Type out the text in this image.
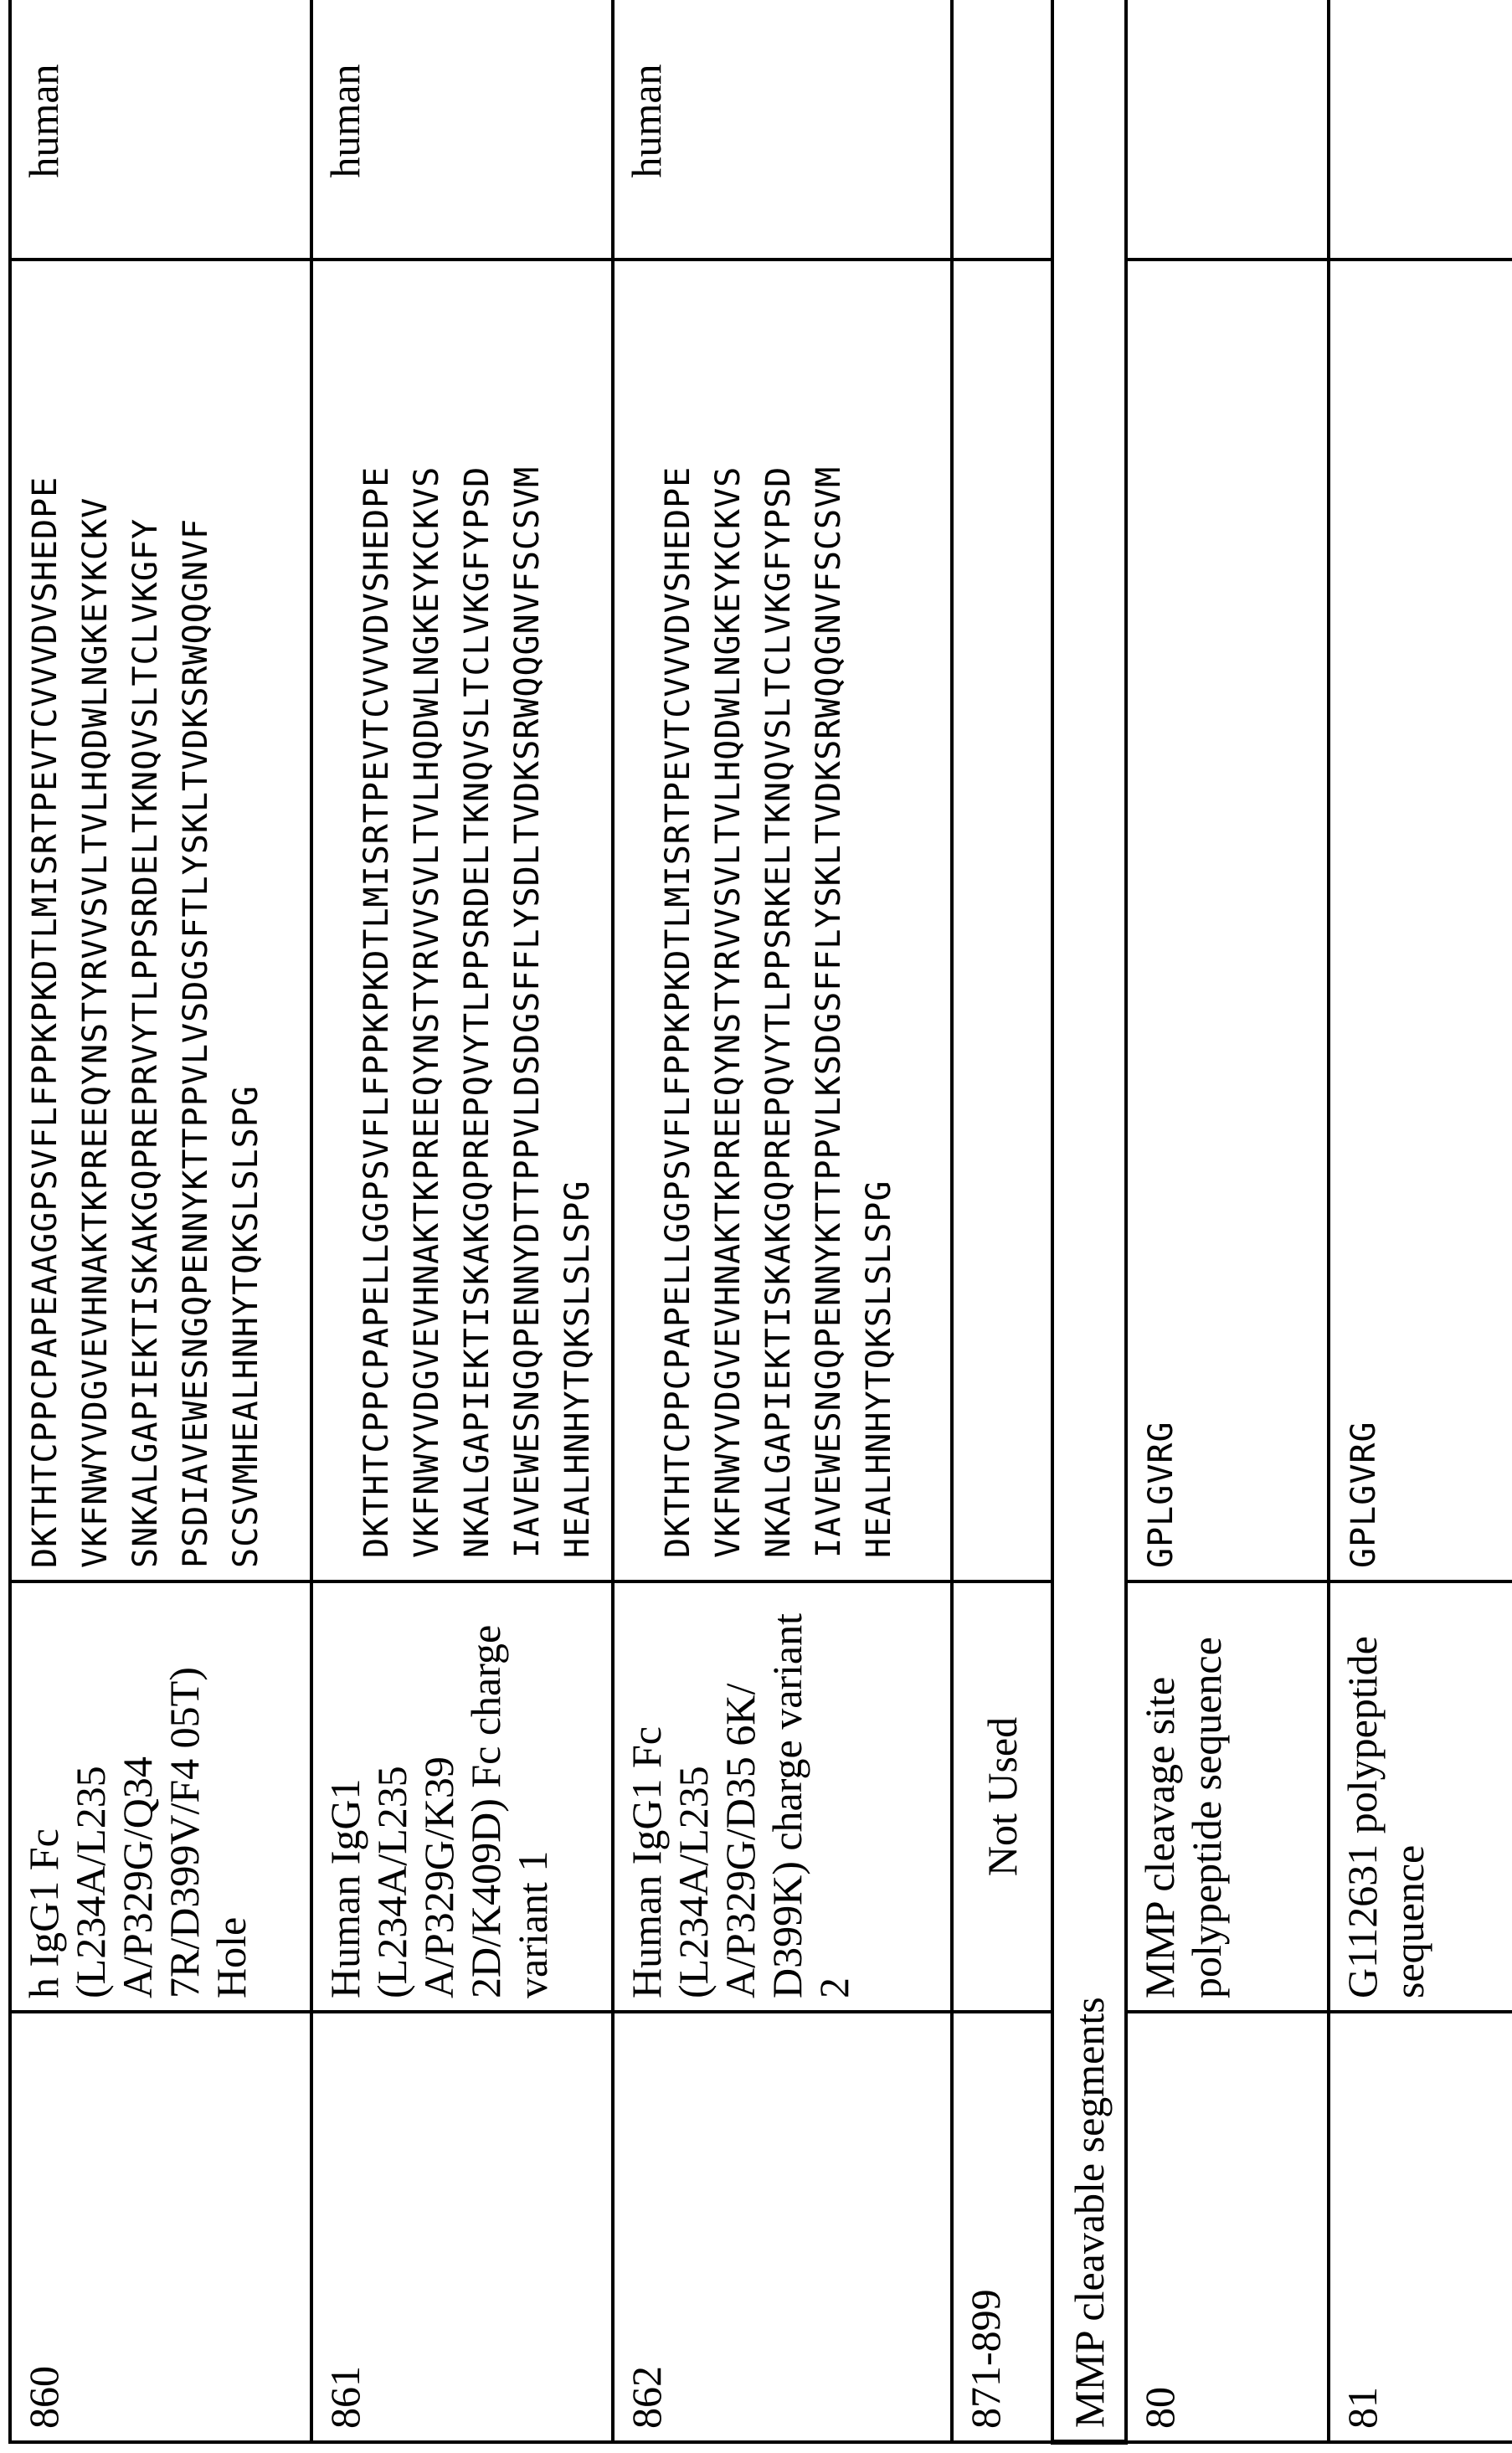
860	h IgG1 Fc (L234A/L235 A/P329G/Q34 7R/D399V/F4 05T) Hole	DKTHTCPPCPAPEAAGGPSVFLFPPKPKDTLMISRTPEVTCVVVDVSHEDPE VKFNWYVDGVEVHNAKTKPREEQYNSTYRVVSVLTVLHQDWLNGKEYKCKV SNKALGAPIEKTISKAKGQPREPRVYTLPPSRDELTKNQVSLTCLVKGFY PSDIAVEWESNGQPENNYKTTPPVLVSDGSFTLYSKLTVDKSRWQQGNVF SCSVMHEALHNHYTQKSLSLSPG	human	

861	Human IgG1 (L234A/L235 A/P329G/K39 2D/K409D) Fc charge variant 1	DKTHTCPPCPAPELLGGPSVFLFPPKPKDTLMISRTPEVTCVVVDVSHEDPE VKFNWYVDGVEVHNAKTKPREEQYNSTYRVVSVLTVLHQDWLNGKEYKCKVS NKALGAPIEKTISKAKGQPREPQVYTLPPSRDELTKNQVSLTCLVKGFYPSD IAVEWESNGQPENNYDTTPPVLDSDGSFFLYSDLTVDKSRWQQGNVFSCSVM HEALHNHYTQKSLSLSPG	human	

862	Human IgG1 Fc (L234A/L235 A/P329G/D35 6K/ D399K) charge variant 2	DKTHTCPPCPAPELLGGPSVFLFPPKPKDTLMISRTPEVTCVVVDVSHEDPE VKFNWYVDGVEVHNAKTKPREEQYNSTYRVVSVLTVLHQDWLNGKEYKCKVS NKALGAPIEKTISKAKGQPREPQVYTLPPSRKELTKNQVSLTCLVKGFYPSD IAVEWESNGQPENNYKTTPPVLKSDGSFFLYSKLTVDKSRWQQGNVFSCSVM HEALHNHYTQKSLSLSPG	human	

871-899	Not Used				
MMP cleavable segments					
80	MMP cleavage site polypeptide sequence	GPLGVRG			

81	G112631 polypeptide sequence	GPLGVRG			
